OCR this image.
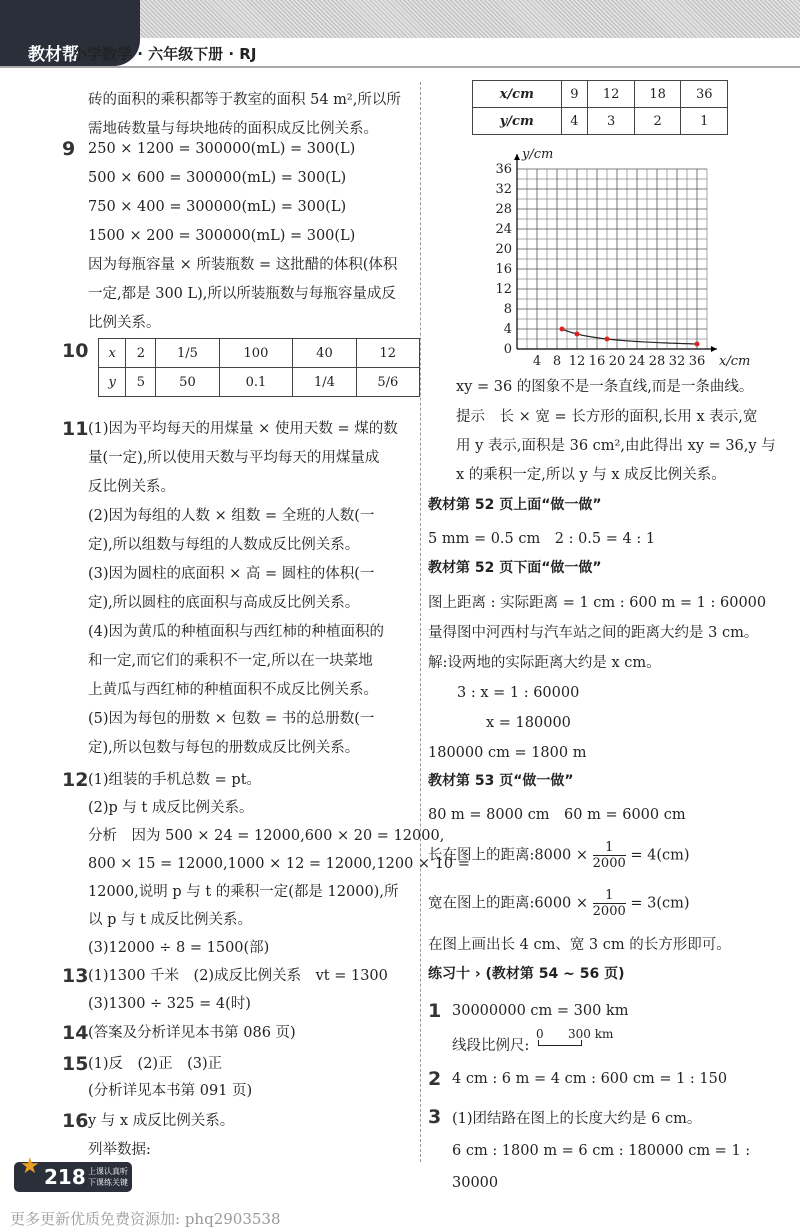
教材帮
小学数学 · 六年级下册 · RJ
砖的面积的乘积都等于教室的面积 54 m²,所以所
需地砖数量与每块地砖的面积成反比例关系。
9 250 × 1200 = 300000(mL) = 300(L)
500 × 600 = 300000(mL) = 300(L)
750 × 400 = 300000(mL) = 300(L)
1500 × 200 = 300000(mL) = 300(L)
因为每瓶容量 × 所装瓶数 = 这批醋的体积(体积
一定,都是 300 L),所以所装瓶数与每瓶容量成反
比例关系。
10 x	2	1/5	100	40	12
y	5	50	0.1	1/4	5/6
11 (1)因为平均每天的用煤量 × 使用天数 = 煤的数
量(一定),所以使用天数与平均每天的用煤量成
反比例关系。
(2)因为每组的人数 × 组数 = 全班的人数(一
定),所以组数与每组的人数成反比例关系。
(3)因为圆柱的底面积 × 高 = 圆柱的体积(一
定),所以圆柱的底面积与高成反比例关系。
(4)因为黄瓜的种植面积与西红柿的种植面积的
和一定,而它们的乘积不一定,所以在一块菜地
上黄瓜与西红柿的种植面积不成反比例关系。
(5)因为每包的册数 × 包数 = 书的总册数(一
定),所以包数与每包的册数成反比例关系。
12 (1)组装的手机总数 = pt。
(2)p 与 t 成反比例关系。
分析　因为 500 × 24 = 12000,600 × 20 = 12000,
800 × 15 = 12000,1000 × 12 = 12000,1200 × 10 =
12000,说明 p 与 t 的乘积一定(都是 12000),所
以 p 与 t 成反比例关系。
(3)12000 ÷ 8 = 1500(部)
13 (1)1300 千米　(2)成反比例关系　vt = 1300
(3)1300 ÷ 325 = 4(时)
14 (答案及分析详见本书第 086 页)
15 (1)反　(2)正　(3)正
(分析详见本书第 091 页)
16 y 与 x 成反比例关系。
列举数据:
x/cm	9	12	18	36
y/cm	4	3	2	1
0
4
8
12
16
20
24
28
32
36
4 8 12 16 20 24 28 32 36 x/cm
y/cm
xy = 36 的图象不是一条直线,而是一条曲线。
提示　长 × 宽 = 长方形的面积,长用 x 表示,宽
用 y 表示,面积是 36 cm²,由此得出 xy = 36,y 与
x 的乘积一定,所以 y 与 x 成反比例关系。
教材第 52 页上面“做一做”
5 mm = 0.5 cm　2 : 0.5 = 4 : 1
教材第 52 页下面“做一做”
图上距离 : 实际距离 = 1 cm : 600 m = 1 : 60000
量得图中河西村与汽车站之间的距离大约是 3 cm。
解:设两地的实际距离大约是 x cm。
　　3 : x = 1 : 60000
　　　　x = 180000
180000 cm = 1800 m
教材第 53 页“做一做”
80 m = 8000 cm　60 m = 6000 cm
长在图上的距离:8000 × $\frac{1}{2000} = 4(cm)$
宽在图上的距离:6000 × $\frac{1}{2000} = 3(cm)$
在图上画出长 4 cm、宽 3 cm 的长方形即可。
练习十 › (教材第 54 ~ 56 页)
1 30000000 cm = 300 km
线段比例尺:
0 300 km
2 4 cm : 6 m = 4 cm : 600 cm = 1 : 150
3 (1)团结路在图上的长度大约是 6 cm。
6 cm : 1800 m = 6 cm : 180000 cm = 1 : 30000
★ 218 上课认真听
下课练关键
更多更新优质免费资源加: phq2903538
